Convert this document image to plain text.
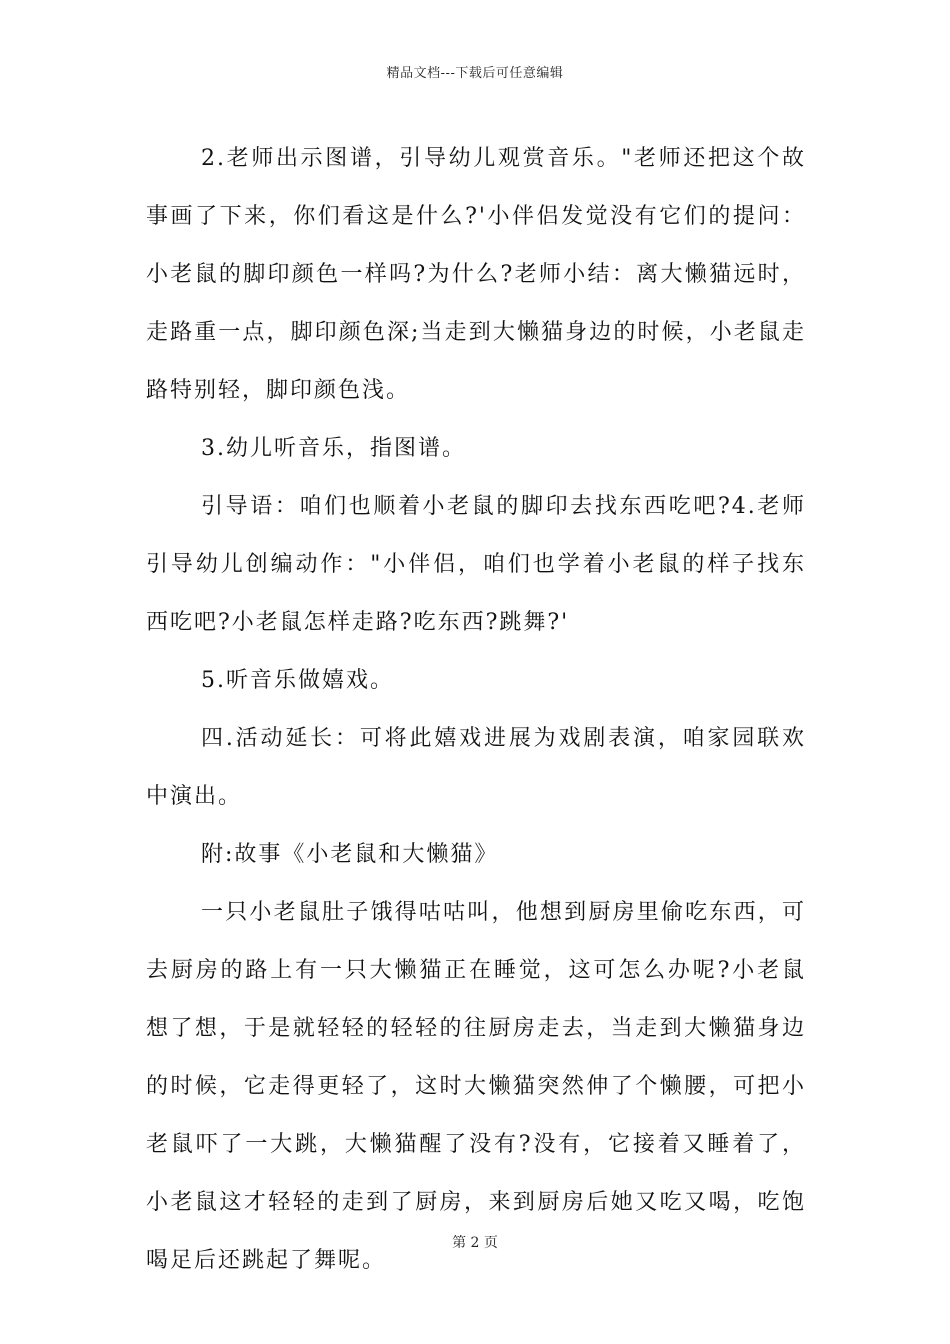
精品文档---下载后可任意编辑

2.老师出示图谱，引导幼儿观赏音乐。"老师还把这个故事画了下来，你们看这是什么?'小伴侣发觉没有它们的提问：小老鼠的脚印颜色一样吗?为什么?老师小结：离大懒猫远时，走路重一点，脚印颜色深;当走到大懒猫身边的时候，小老鼠走路特别轻，脚印颜色浅。

3.幼儿听音乐，指图谱。

引导语：咱们也顺着小老鼠的脚印去找东西吃吧?4.老师引导幼儿创编动作："小伴侣，咱们也学着小老鼠的样子找东西吃吧?小老鼠怎样走路?吃东西?跳舞?'

5.听音乐做嬉戏。

四.活动延长：可将此嬉戏进展为戏剧表演，咱家园联欢中演出。

附:故事《小老鼠和大懒猫》

一只小老鼠肚子饿得咕咕叫，他想到厨房里偷吃东西，可去厨房的路上有一只大懒猫正在睡觉，这可怎么办呢?小老鼠想了想，于是就轻轻的轻轻的往厨房走去，当走到大懒猫身边的时候，它走得更轻了，这时大懒猫突然伸了个懒腰，可把小老鼠吓了一大跳，大懒猫醒了没有?没有，它接着又睡着了，小老鼠这才轻轻的走到了厨房，来到厨房后她又吃又喝，吃饱喝足后还跳起了舞呢。

第 2 页
